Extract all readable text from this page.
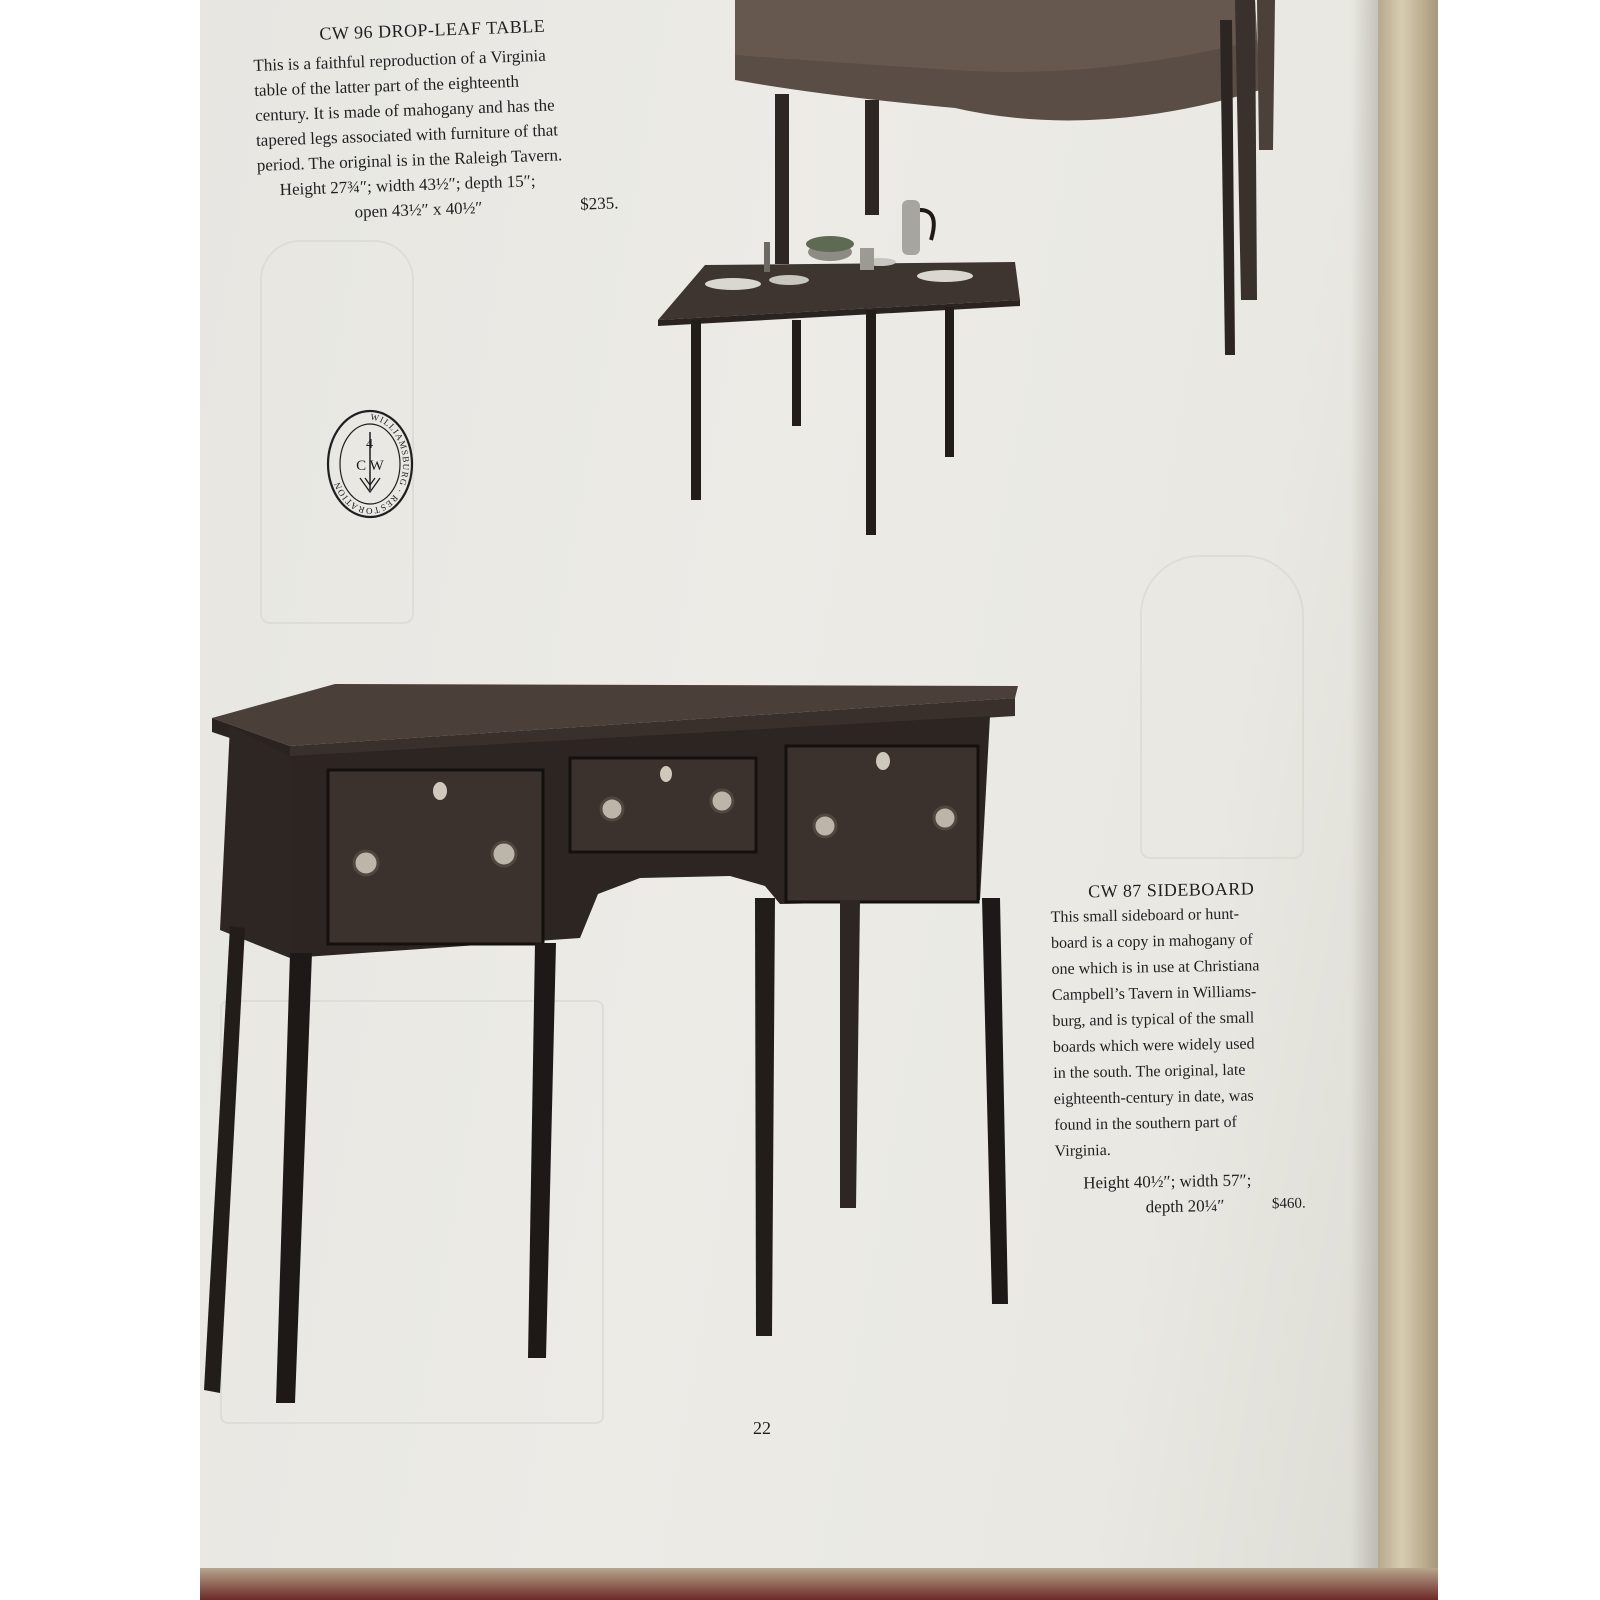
CW 96 DROP-LEAF TABLE

This is a faithful reproduction of a Virginia

table of the latter part of the eighteenth

century. It is made of mahogany and has the

tapered legs associated with furniture of that

period. The original is in the Raleigh Tavern.

Height 27¾″; width 43½″; depth 15″;

open 43½″ x 40½″	$235.

WILLIAMSBURG · RESTORATION
4
C W

CW 87 SIDEBOARD

This small sideboard or hunt-

board is a copy in mahogany of

one which is in use at Christiana

Campbell’s Tavern in Williams-

burg, and is typical of the small

boards which were widely used

in the south. The original, late

eighteenth-century in date, was

found in the southern part of

Virginia.

Height 40½″; width 57″;

depth 20¼″	$460.

22
